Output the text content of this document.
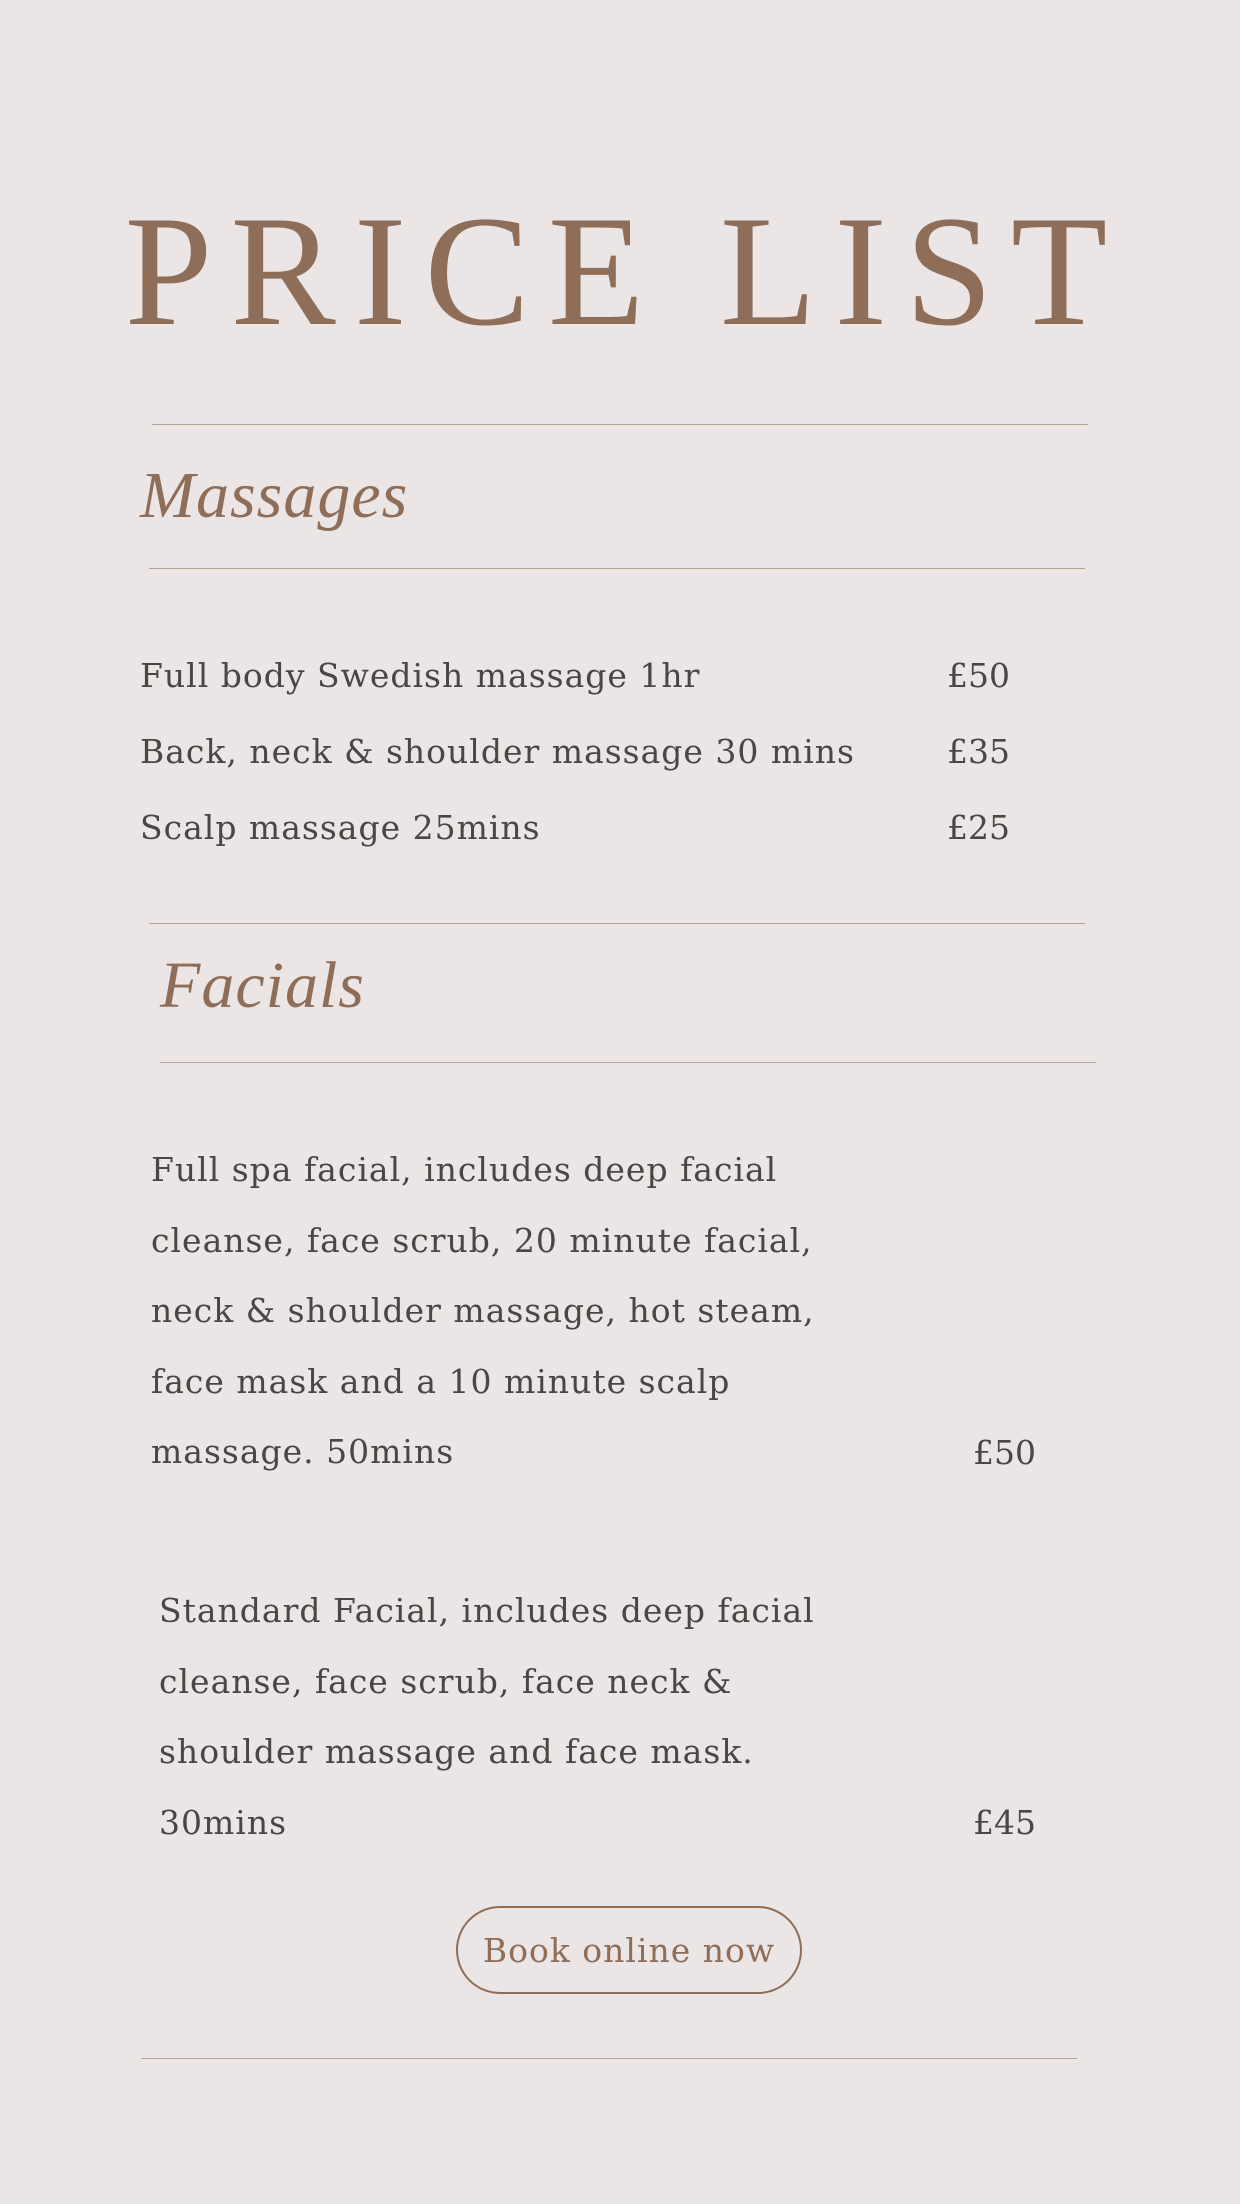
PRICE LIST
Massages
Full body Swedish massage 1hr	£50
Back, neck & shoulder massage 30 mins	£35
Scalp massage 25mins	£25
Facials
Full spa facial, includes deep facial
cleanse, face scrub, 20 minute facial,
neck & shoulder massage, hot steam,
face mask and a 10 minute scalp
massage. 50mins	£50
Standard Facial, includes deep facial
cleanse, face scrub, face neck &
shoulder massage and face mask.
30mins	£45
Book online now
